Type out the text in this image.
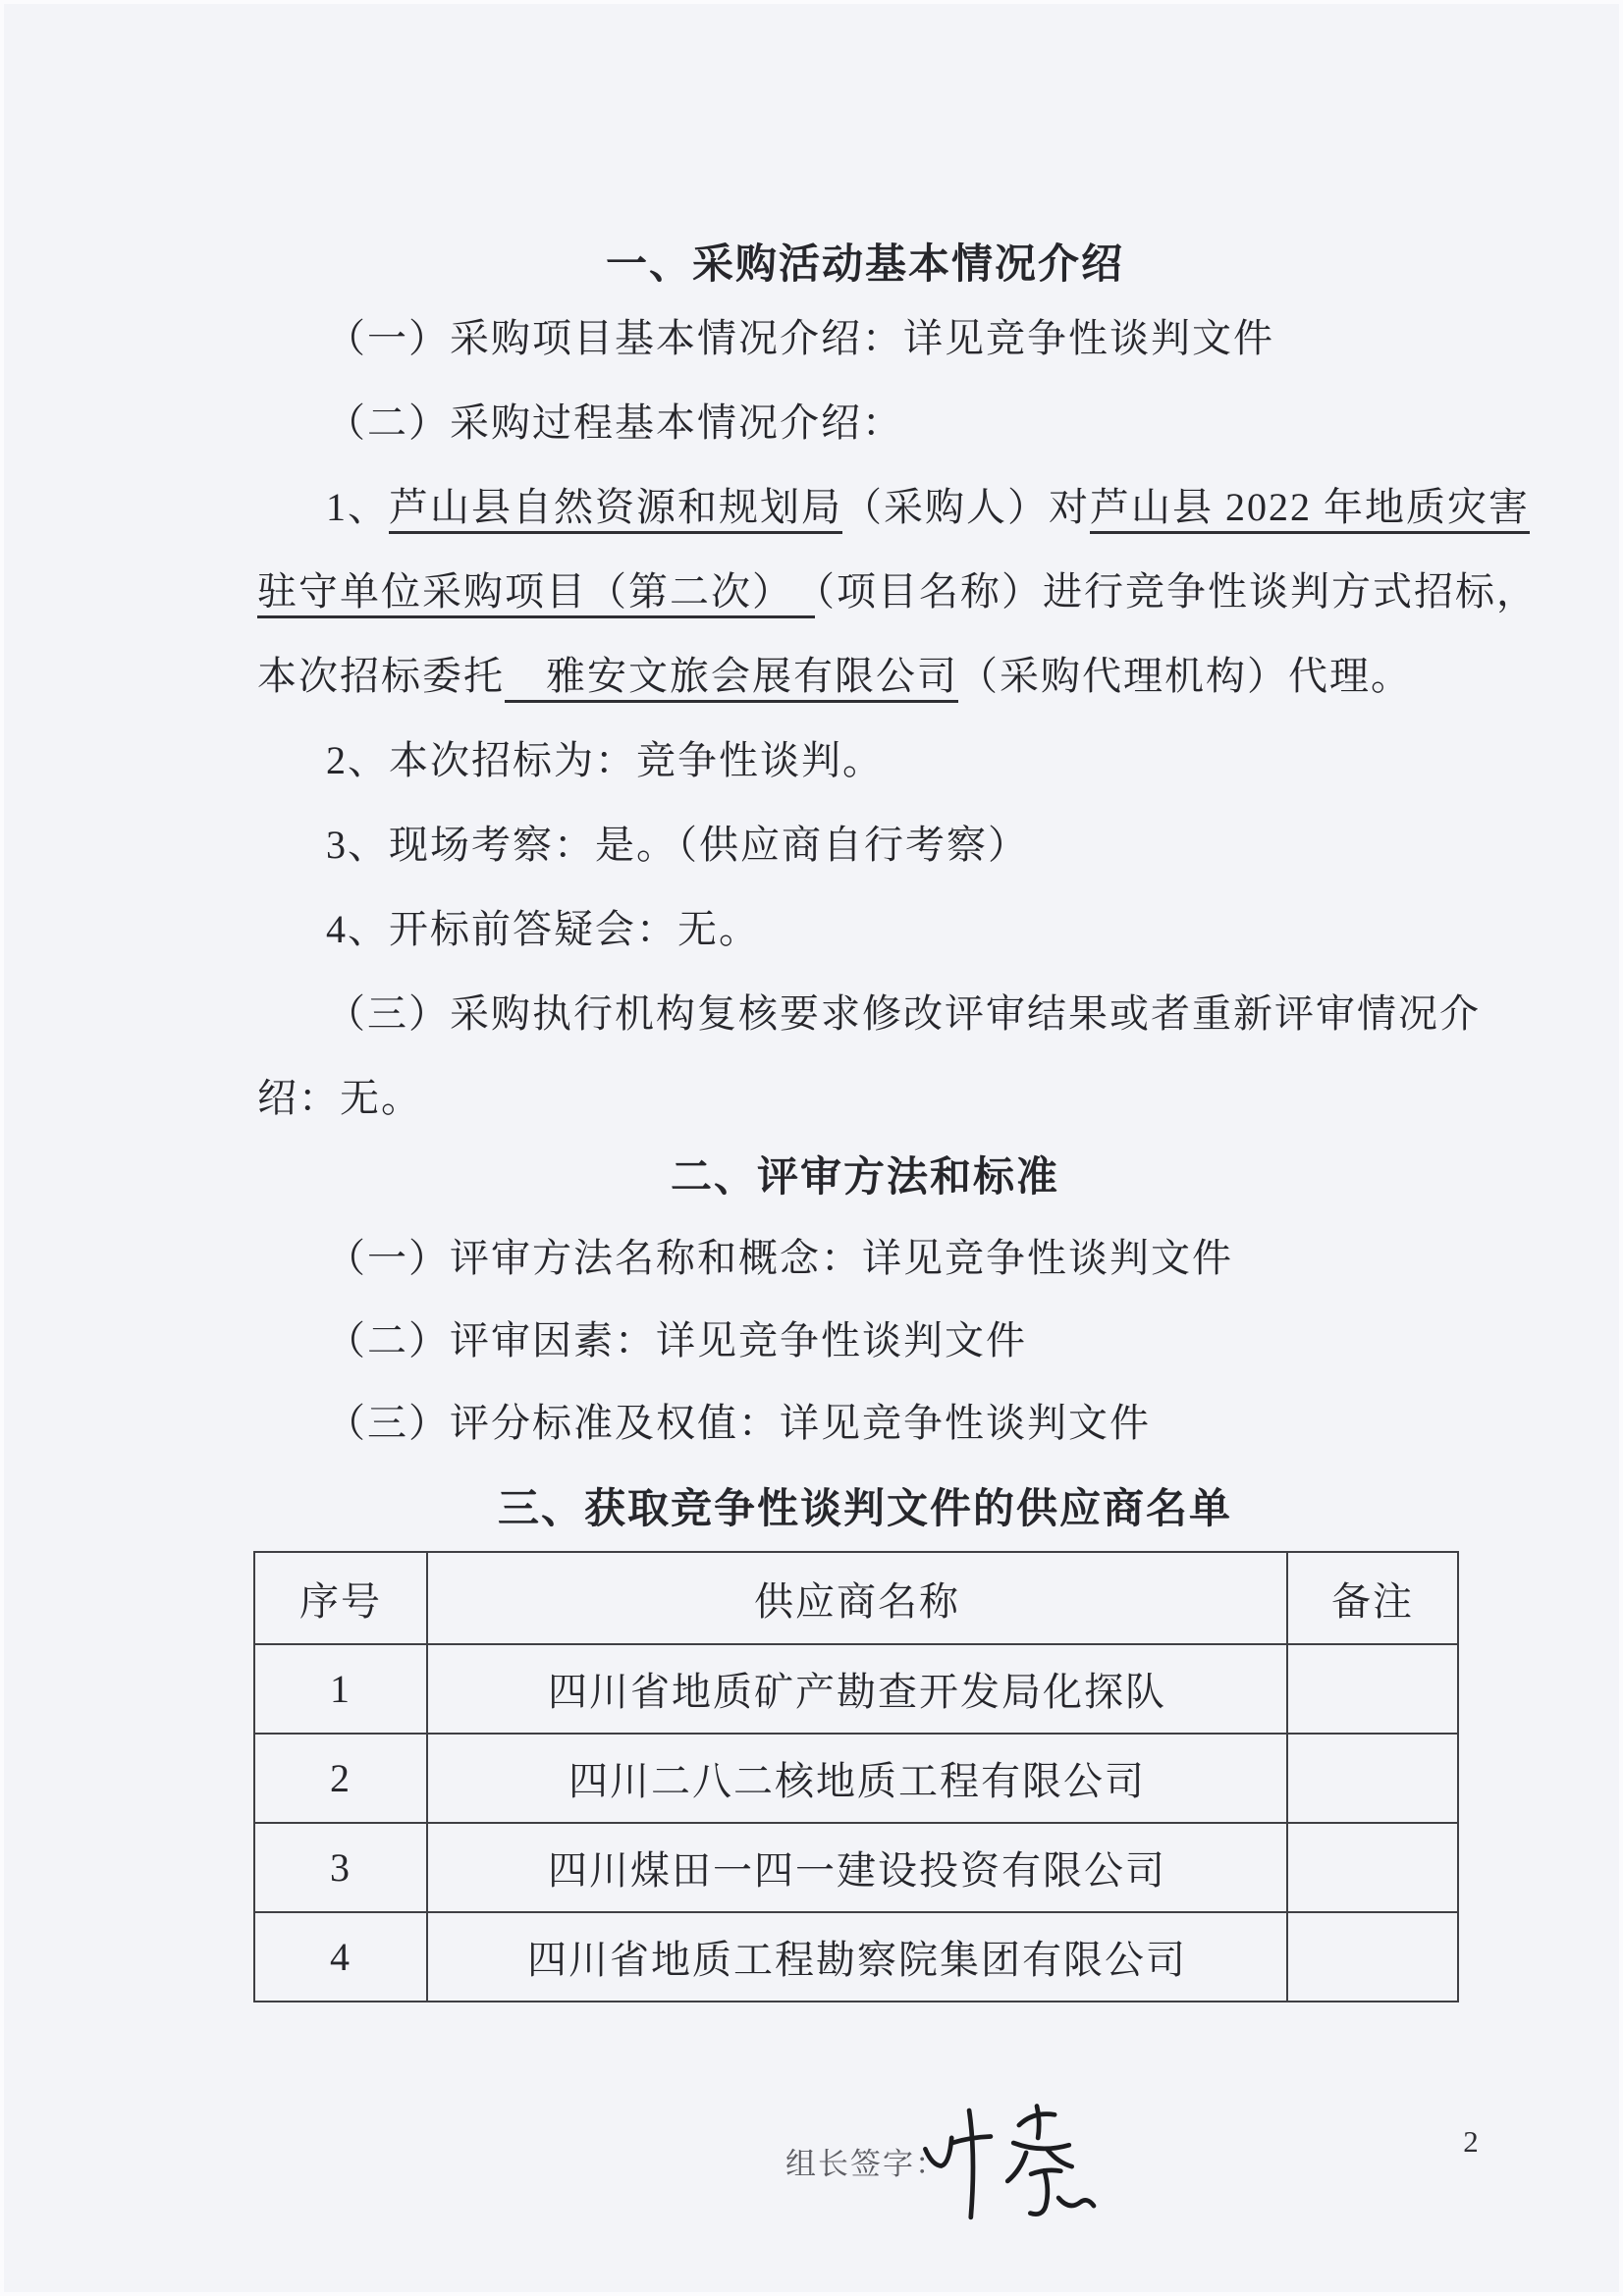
一、采购活动基本情况介绍
（一）采购项目基本情况介绍：详见竞争性谈判文件
（二）采购过程基本情况介绍：
1、芦山县自然资源和规划局（采购人）对芦山县 2022 年地质灾害
驻守单位采购项目（第二次）　（项目名称）进行竞争性谈判方式招标，
本次招标委托　雅安文旅会展有限公司（采购代理机构）代理。
2、本次招标为：竞争性谈判。
3、现场考察：是。（供应商自行考察）
4、开标前答疑会：无。
（三）采购执行机构复核要求修改评审结果或者重新评审情况介
绍：无。
二、评审方法和标准
（一）评审方法名称和概念：详见竞争性谈判文件
（二）评审因素：详见竞争性谈判文件
（三）评分标准及权值：详见竞争性谈判文件
三、获取竞争性谈判文件的供应商名单
序号	供应商名称	备注
1	四川省地质矿产勘查开发局化探队	
2	四川二八二核地质工程有限公司	
3	四川煤田一四一建设投资有限公司	
4	四川省地质工程勘察院集团有限公司	
组长签字：
2
